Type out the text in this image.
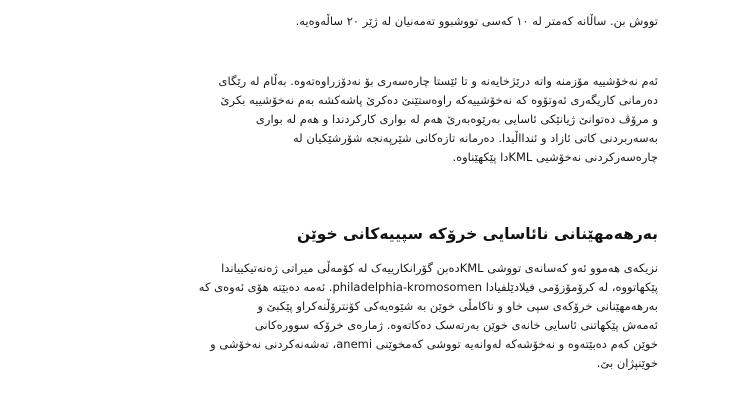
تووش بن. ساڵانە کەمتر لە ١٠ کەسی تووشبوو تەمەنیان لە ژێر ٢٠ ساڵەوەیە.

ئەم نەخۆشییە مۆزمنە واتە درێژخایەنە و تا ئێستا چارەسەری بۆ نەدۆزراوەتەوە. بەڵام لە رێگای
دەرمانی کاریگەری ئەوتۆوە کە نەخۆشییەکە راوەستێنێ دەکرێ پاشەکشە بەم نەخۆشییە بکرێ
و مرۆڤ دەتوانێ ژیانێکی ئاسایی بەرێوەبەرێ هەم لە بواری کارکردندا و هەم لە بواری
بەسەربردنی کاتی ئازاد و ئندااڵیدا. دەرمانە تازەکانی شێرپەنجە شۆرشێکیان لە
چارەسەرکردنی نەخۆشیی KMLدا پێکهێناوە.

بەرهەمهێنانی نائاسایی خرۆکە سپییەکانی خوێن

نزیکەی هەموو ئەو کەسانەی تووشی KMLدەبن گۆرانکارییەک لە کۆمەڵی میراتی ژەنەتیکییاندا
پێکهاتووە، لە کرۆمۆزۆمی فیلادێلفیادا philadelphia-kromosomen. ئەمە دەبێتە هۆی ئەوەی کە
بەرهەمهێنانی خرۆکەی سپی خاو و ناکامڵی خوێن بە شێوەیەکی کۆنترۆڵنەکراو پێکبێ و
ئەمەش پێکهاتنی ئاسایی خانەی خوێن بەرتەسک دەکاتەوە. ژمارەی خرۆکە سوورەکانی
خوێن کەم دەبێتەوە و نەخۆشەکە لەوانەیە تووشی کەمخوێنی anemi، تەشەنەکردنی نەخۆشی و
خوێنپژان بێ.
